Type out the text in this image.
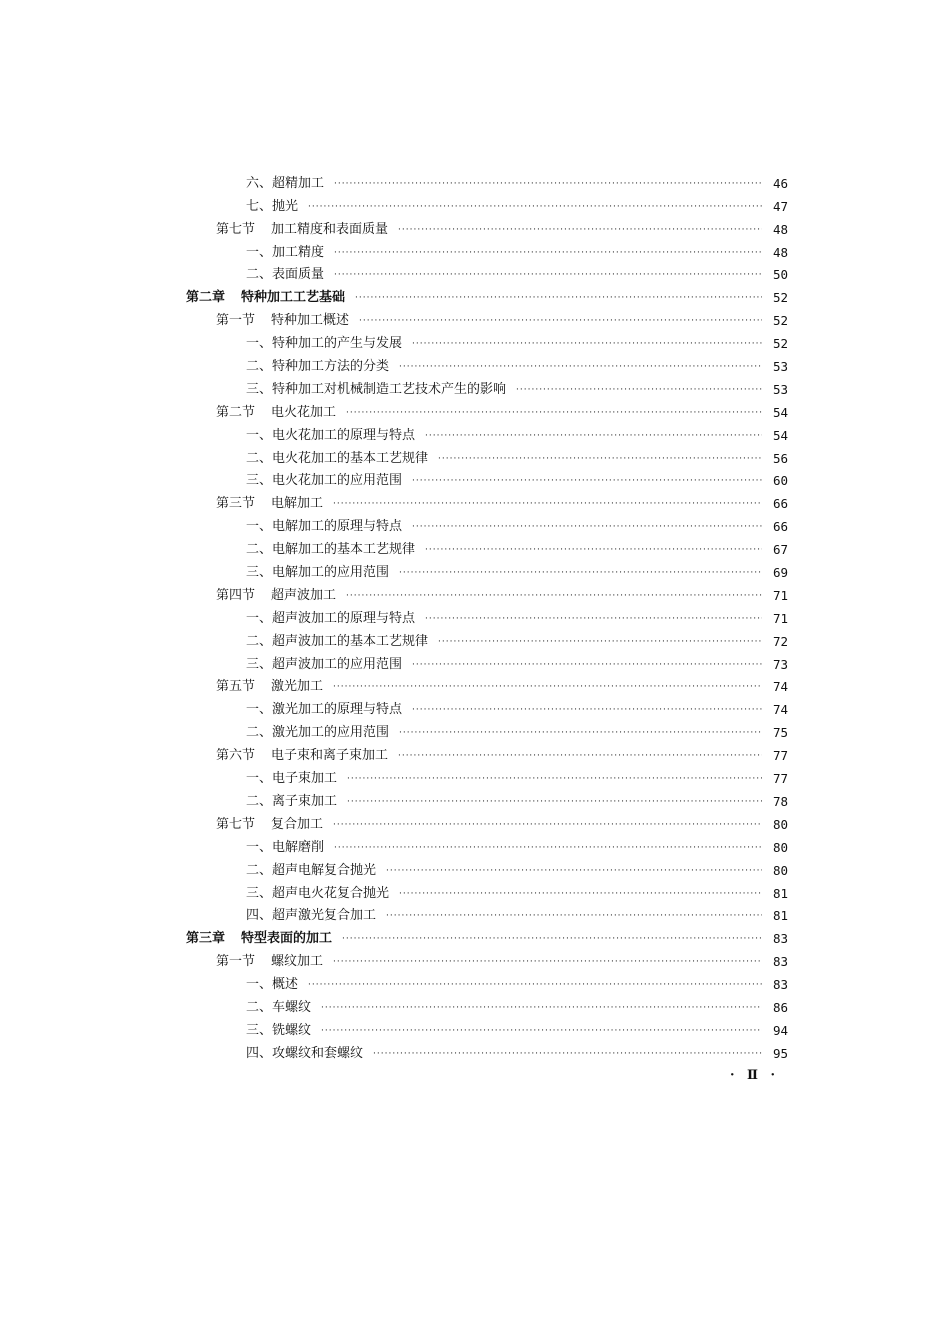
六、 超精加工 ·····	46
七、 抛光 ·····	47
第七节 加工精度和表面质量 ·····	48
一、 加工精度 ·····	48
二、 表面质量 ·····	50
第二章 特种加工工艺基础 ·····	52
第一节 特种加工概述 ·····	52
一、 特种加工的产生与发展 ·····	52
二、 特种加工方法的分类 ·····	53
三、 特种加工对机械制造工艺技术产生的影响 ·····	53
第二节 电火花加工 ·····	54
一、 电火花加工的原理与特点 ·····	54
二、 电火花加工的基本工艺规律 ·····	56
三、 电火花加工的应用范围 ·····	60
第三节 电解加工 ·····	66
一、 电解加工的原理与特点 ·····	66
二、 电解加工的基本工艺规律 ·····	67
三、 电解加工的应用范围 ·····	69
第四节 超声波加工 ·····	71
一、 超声波加工的原理与特点 ·····	71
二、 超声波加工的基本工艺规律 ·····	72
三、 超声波加工的应用范围 ·····	73
第五节 激光加工 ·····	74
一、 激光加工的原理与特点 ·····	74
二、 激光加工的应用范围 ·····	75
第六节 电子束和离子束加工 ·····	77
一、 电子束加工 ·····	77
二、 离子束加工 ·····	78
第七节 复合加工 ·····	80
一、 电解磨削 ·····	80
二、 超声电解复合抛光 ·····	80
三、 超声电火花复合抛光 ·····	81
四、 超声激光复合加工 ·····	81
第三章 特型表面的加工 ·····	83
第一节 螺纹加工 ·····	83
一、 概述 ·····	83
二、 车螺纹 ·····	86
三、 铣螺纹 ·····	94
四、 攻螺纹和套螺纹 ·····	95
· Ⅱ ·
